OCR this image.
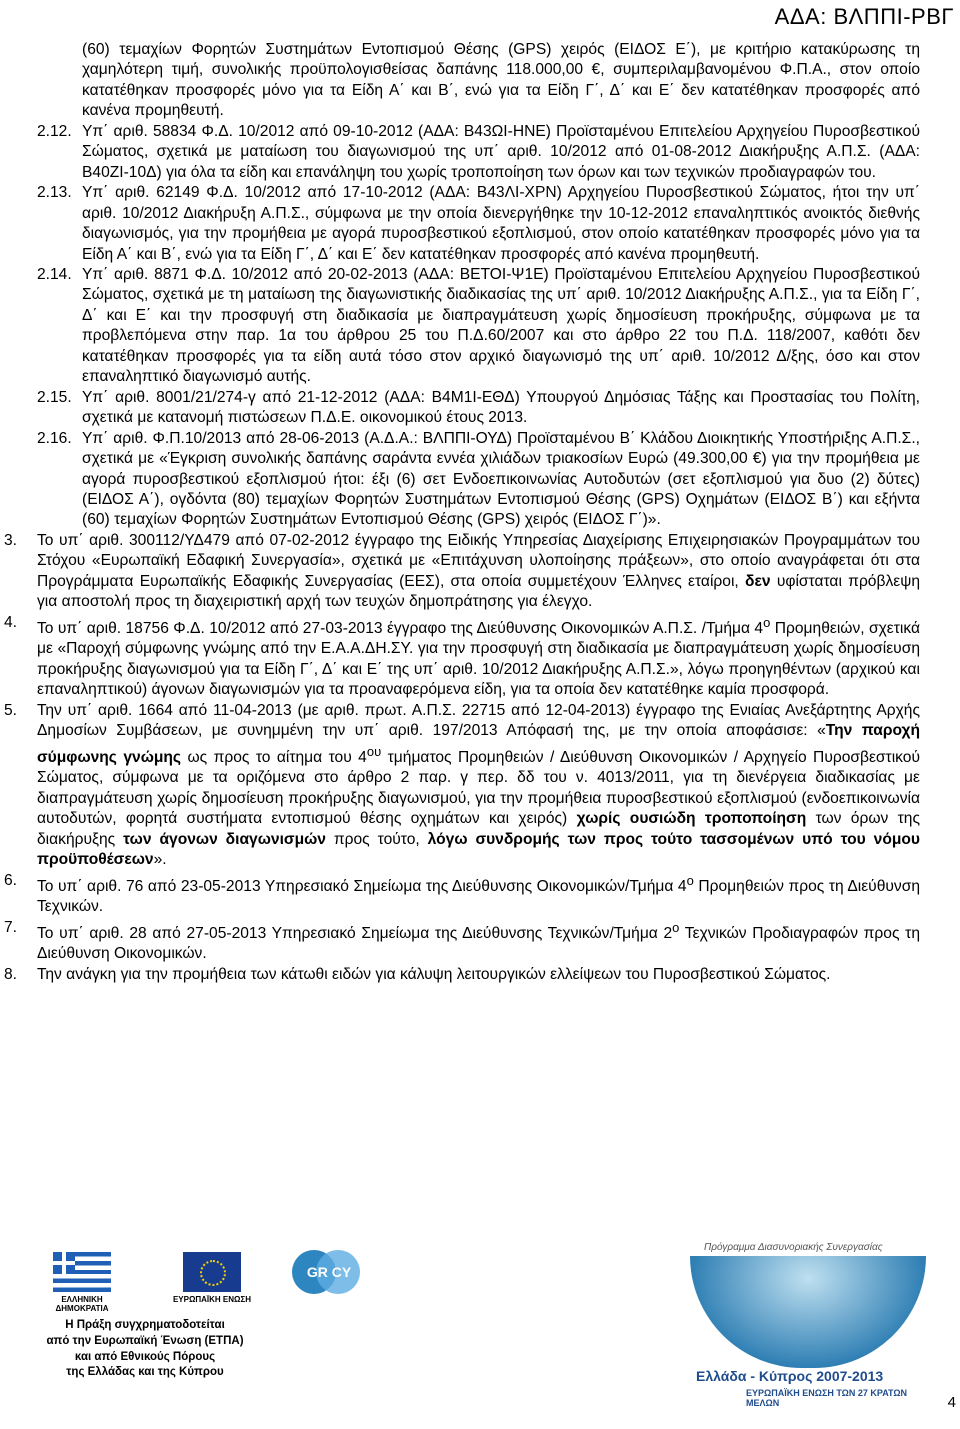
ΑΔΑ: ΒΛΠΠΙ-ΡΒΓ
(60) τεμαχίων Φορητών Συστημάτων Εντοπισμού Θέσης (GPS) χειρός (ΕΙΔΟΣ Ε΄), με κριτήριο κατακύρωσης τη χαμηλότερη τιμή, συνολικής προϋπολογισθείσας δαπάνης 118.000,00 €, συμπεριλαμβανομένου Φ.Π.Α., στον οποίο κατατέθηκαν προσφορές μόνο για τα Είδη Α΄ και Β΄, ενώ για τα Είδη Γ΄, Δ΄ και Ε΄ δεν κατατέθηκαν προσφορές από κανένα προμηθευτή.
2.12. Υπ΄ αριθ. 58834 Φ.Δ. 10/2012 από 09-10-2012 (ΑΔΑ: Β43ΩΙ-ΗΝΕ) Προϊσταμένου Επιτελείου Αρχηγείου Πυροσβεστικού Σώματος, σχετικά με ματαίωση του διαγωνισμού της υπ΄ αριθ. 10/2012 από 01-08-2012 Διακήρυξης Α.Π.Σ. (ΑΔΑ: Β40ΖΙ-10Δ) για όλα τα είδη και επανάληψη του χωρίς τροποποίηση των όρων και των τεχνικών προδιαγραφών του.
2.13. Υπ΄ αριθ. 62149 Φ.Δ. 10/2012 από 17-10-2012 (ΑΔΑ: Β43ΛΙ-ΧΡΝ) Αρχηγείου Πυροσβεστικού Σώματος, ήτοι την υπ΄ αριθ. 10/2012 Διακήρυξη Α.Π.Σ., σύμφωνα με την οποία διενεργήθηκε την 10-12-2012 επαναληπτικός ανοικτός διεθνής διαγωνισμός, για την προμήθεια με αγορά πυροσβεστικού εξοπλισμού, στον οποίο κατατέθηκαν προσφορές μόνο για τα Είδη Α΄ και Β΄, ενώ για τα Είδη Γ΄, Δ΄ και Ε΄ δεν κατατέθηκαν προσφορές από κανένα προμηθευτή.
2.14. Υπ΄ αριθ. 8871 Φ.Δ. 10/2012 από 20-02-2013 (ΑΔΑ: ΒΕΤΟΙ-Ψ1Ε) Προϊσταμένου Επιτελείου Αρχηγείου Πυροσβεστικού Σώματος, σχετικά με τη ματαίωση της διαγωνιστικής διαδικασίας της υπ΄ αριθ. 10/2012 Διακήρυξης Α.Π.Σ., για τα Είδη Γ΄, Δ΄ και Ε΄ και την προσφυγή στη διαδικασία με διαπραγμάτευση χωρίς δημοσίευση προκήρυξης, σύμφωνα με τα προβλεπόμενα στην παρ. 1α του άρθρου 25 του Π.Δ.60/2007 και στο άρθρο 22 του Π.Δ. 118/2007, καθότι δεν κατατέθηκαν προσφορές για τα είδη αυτά τόσο στον αρχικό διαγωνισμό της υπ΄ αριθ. 10/2012 Δ/ξης, όσο και στον επαναληπτικό διαγωνισμό αυτής.
2.15. Υπ΄ αριθ. 8001/21/274-γ από 21-12-2012 (ΑΔΑ: Β4Μ1Ι-ΕΘΔ) Υπουργού Δημόσιας Τάξης και Προστασίας του Πολίτη, σχετικά με κατανομή πιστώσεων Π.Δ.Ε. οικονομικού έτους 2013.
2.16. Υπ΄ αριθ. Φ.Π.10/2013 από 28-06-2013 (Α.Δ.Α.: ΒΛΠΠΙ-ΟΥΔ) Προϊσταμένου Β΄ Κλάδου Διοικητικής Υποστήριξης Α.Π.Σ., σχετικά με «Έγκριση συνολικής δαπάνης σαράντα εννέα χιλιάδων τριακοσίων Ευρώ (49.300,00 €) για την προμήθεια με αγορά πυροσβεστικού εξοπλισμού ήτοι: έξι (6) σετ Ενδοεπικοινωνίας Αυτοδυτών (σετ εξοπλισμού για δυο (2) δύτες) (ΕΙΔΟΣ Α΄), ογδόντα (80) τεμαχίων Φορητών Συστημάτων Εντοπισμού Θέσης (GPS) Οχημάτων (ΕΙΔΟΣ Β΄) και εξήντα (60) τεμαχίων Φορητών Συστημάτων Εντοπισμού Θέσης (GPS) χειρός (ΕΙΔΟΣ Γ΄)».
3. Το υπ΄ αριθ. 300112/ΥΔ479 από 07-02-2012 έγγραφο της Ειδικής Υπηρεσίας Διαχείρισης Επιχειρησιακών Προγραμμάτων του Στόχου «Ευρωπαϊκή Εδαφική Συνεργασία», σχετικά με «Επιτάχυνση υλοποίησης πράξεων», στο οποίο αναγράφεται ότι στα Προγράμματα Ευρωπαϊκής Εδαφικής Συνεργασίας (ΕΕΣ), στα οποία συμμετέχουν Έλληνες εταίροι, δεν υφίσταται πρόβλεψη για αποστολή προς τη διαχειριστική αρχή των τευχών δημοπράτησης για έλεγχο.
4. Το υπ΄ αριθ. 18756 Φ.Δ. 10/2012 από 27-03-2013 έγγραφο της Διεύθυνσης Οικονομικών Α.Π.Σ. /Τμήμα $4^o$ Προμηθειών, σχετικά με «Παροχή σύμφωνης γνώμης από την Ε.Α.Α.ΔΗ.ΣΥ. για την προσφυγή στη διαδικασία με διαπραγμάτευση χωρίς δημοσίευση προκήρυξης διαγωνισμού για τα Είδη Γ΄, Δ΄ και Ε΄ της υπ΄ αριθ. 10/2012 Διακήρυξης Α.Π.Σ.», λόγω προηγηθέντων (αρχικού και επαναληπτικού) άγονων διαγωνισμών για τα προαναφερόμενα είδη, για τα οποία δεν κατατέθηκε καμία προσφορά.
5. Την υπ΄ αριθ. 1664 από 11-04-2013 (με αριθ. πρωτ. Α.Π.Σ. 22715 από 12-04-2013) έγγραφο της Ενιαίας Ανεξάρτητης Αρχής Δημοσίων Συμβάσεων, με συνημμένη την υπ΄ αριθ. 197/2013 Απόφασή της, με την οποία αποφάσισε: «Την παροχή σύμφωνης γνώμης ως προς το αίτημα του $4^{o\upsilon}$ τμήματος Προμηθειών / Διεύθυνση Οικονομικών / Αρχηγείο Πυροσβεστικού Σώματος, σύμφωνα με τα οριζόμενα στο άρθρο 2 παρ. γ περ. δδ του ν. 4013/2011, για τη διενέργεια διαδικασίας με διαπραγμάτευση χωρίς δημοσίευση προκήρυξης διαγωνισμού, για την προμήθεια πυροσβεστικού εξοπλισμού (ενδοεπικοινωνία αυτοδυτών, φορητά συστήματα εντοπισμού θέσης οχημάτων και χειρός) χωρίς ουσιώδη τροποποίηση των όρων της διακήρυξης των άγονων διαγωνισμών προς τούτο, λόγω συνδρομής των προς τούτο τασσομένων υπό του νόμου προϋποθέσεων».
6. Το υπ΄ αριθ. 76 από 23-05-2013 Υπηρεσιακό Σημείωμα της Διεύθυνσης Οικονομικών/Τμήμα $4^o$ Προμηθειών προς τη Διεύθυνση Τεχνικών.
7. Το υπ΄ αριθ. 28 από 27-05-2013 Υπηρεσιακό Σημείωμα της Διεύθυνσης Τεχνικών/Τμήμα $2^o$ Τεχνικών Προδιαγραφών προς τη Διεύθυνση Οικονομικών.
8. Την ανάγκη για την προμήθεια των κάτωθι ειδών για κάλυψη λειτουργικών ελλείψεων του Πυροσβεστικού Σώματος.
ΕΛΛΗΝΙΚΗ ΔΗΜΟΚΡΑΤΙΑ
ΕΥΡΩΠΑΪΚΗ ΕΝΩΣΗ
GR CY
Η Πράξη συγχρηματοδοτείται
από την Ευρωπαϊκή Ένωση (ΕΤΠΑ)
και από Εθνικούς Πόρους
της Ελλάδας και της Κύπρου
Πρόγραμμα Διασυνοριακής Συνεργασίας
Ελλάδα - Κύπρος 2007-2013
ΕΥΡΩΠΑΪΚΗ ΕΝΩΣΗ ΤΩΝ 27 ΚΡΑΤΩΝ ΜΕΛΩΝ	4
